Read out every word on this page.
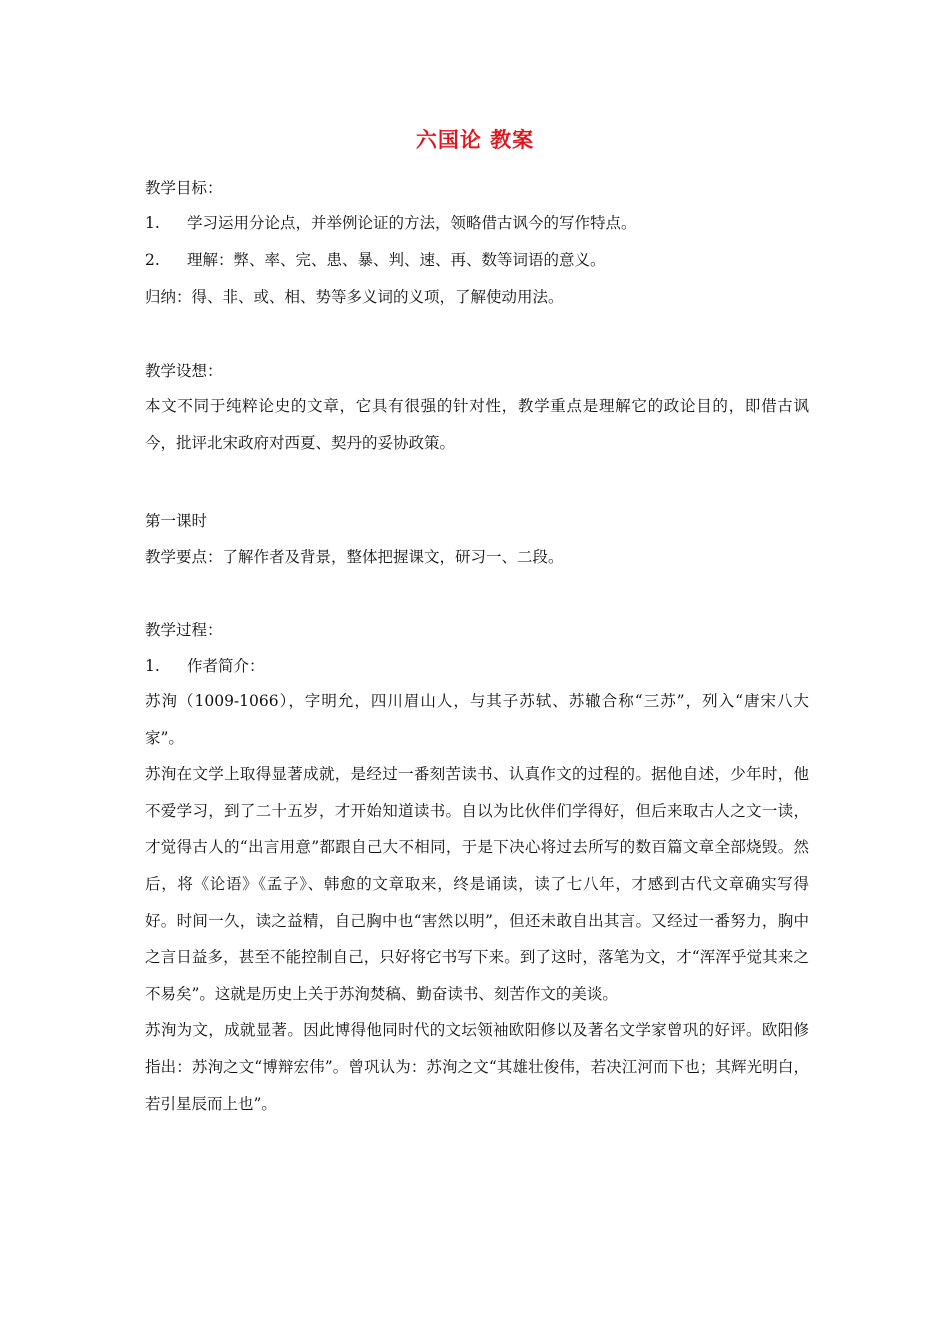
六国论 教案
教学目标：
1. 学习运用分论点，并举例论证的方法，领略借古讽今的写作特点。
2. 理解：弊、率、完、患、暴、判、速、再、数等词语的意义。
归纳：得、非、或、相、势等多义词的义项，了解使动用法。
教学设想：

本文不同于纯粹论史的文章，它具有很强的针对性，教学重点是理解它的政论目的，即借古讽今，批评北宋政府对西夏、契丹的妥协政策。

第一课时
教学要点：了解作者及背景，整体把握课文，研习一、二段。
教学过程：
1. 作者简介：

苏洵（1009-1066），字明允，四川眉山人，与其子苏轼、苏辙合称“三苏”，列入“唐宋八大家”。

苏洵在文学上取得显著成就，是经过一番刻苦读书、认真作文的过程的。据他自述，少年时，他不爱学习，到了二十五岁，才开始知道读书。自以为比伙伴们学得好，但后来取古人之文一读，才觉得古人的“出言用意”都跟自己大不相同，于是下决心将过去所写的数百篇文章全部烧毁。然后，将《论语》《孟子》、韩愈的文章取来，终是诵读，读了七八年，才感到古代文章确实写得好。时间一久，读之益精，自己胸中也“害然以明”，但还未敢自出其言。又经过一番努力，胸中之言日益多，甚至不能控制自己，只好将它书写下来。到了这时，落笔为文，才“浑浑乎觉其来之不易矣”。这就是历史上关于苏洵焚稿、勤奋读书、刻苦作文的美谈。

苏洵为文，成就显著。因此博得他同时代的文坛领袖欧阳修以及著名文学家曾巩的好评。欧阳修指出：苏洵之文“博辩宏伟”。曾巩认为：苏洵之文“其雄壮俊伟，若决江河而下也；其辉光明白，若引星辰而上也”。
